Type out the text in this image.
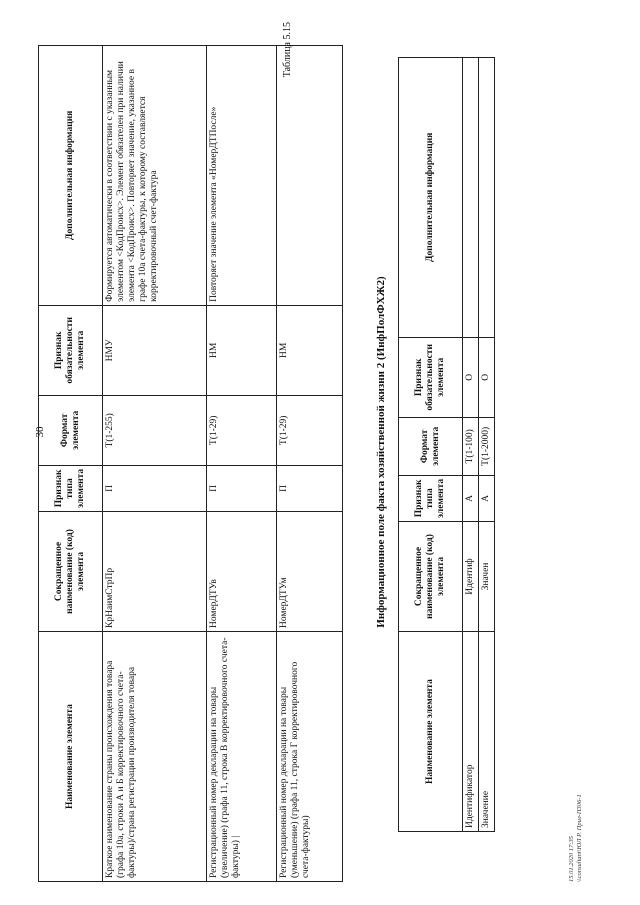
30
Наименование элемента	Сокращенное наименование (код) элемента	Признак типа элемента	Формат элемента	Признак обязательности элемента	Дополнительная информация
Краткое наименование страны происхождения товара (графа 10а, строки А и Б корректировочного счета-фактуры)/страна регистрации производителя товара	КрНаимСтрПр	П	T(1-255)	НМУ	Формируется автоматически в соответствии с указанным элементом <КодПроисх>. Элемент обязателен при наличии элемента <КодПроисх>. Повторяет значение, указанное в графе 10а счета-фактуры, к которому составляется корректировочный счет-фактура
Регистрационный номер декларации на товары (увеличение) (графа 11, строка В корректировочного счета-фактуры) |	НомерДТУв	П	T(1-29)	НМ	Повторяет значение элемента «НомерДТПосле»
Регистрационный номер декларации на товары (уменьшение) (графа 11, строка Г корректировочного счета-фактуры)	НомерДТУм	П	T(1-29)	НМ	
Таблица 5.15
Информационное поле факта хозяйственной жизни 2 (ИнфПолФХЖ2)
Наименование элемента	Сокращенное наименование (код) элемента	Признак типа элемента	Формат элемента	Признак обязательности элемента	Дополнительная информация
Идентификатор	Идентиф	А	T(1-100)	О	
Значение	Значен	А	T(1-2000)	О	
15.01.2020 17:35 \\consultant\ЮЛ Р. Прил-П306-1
